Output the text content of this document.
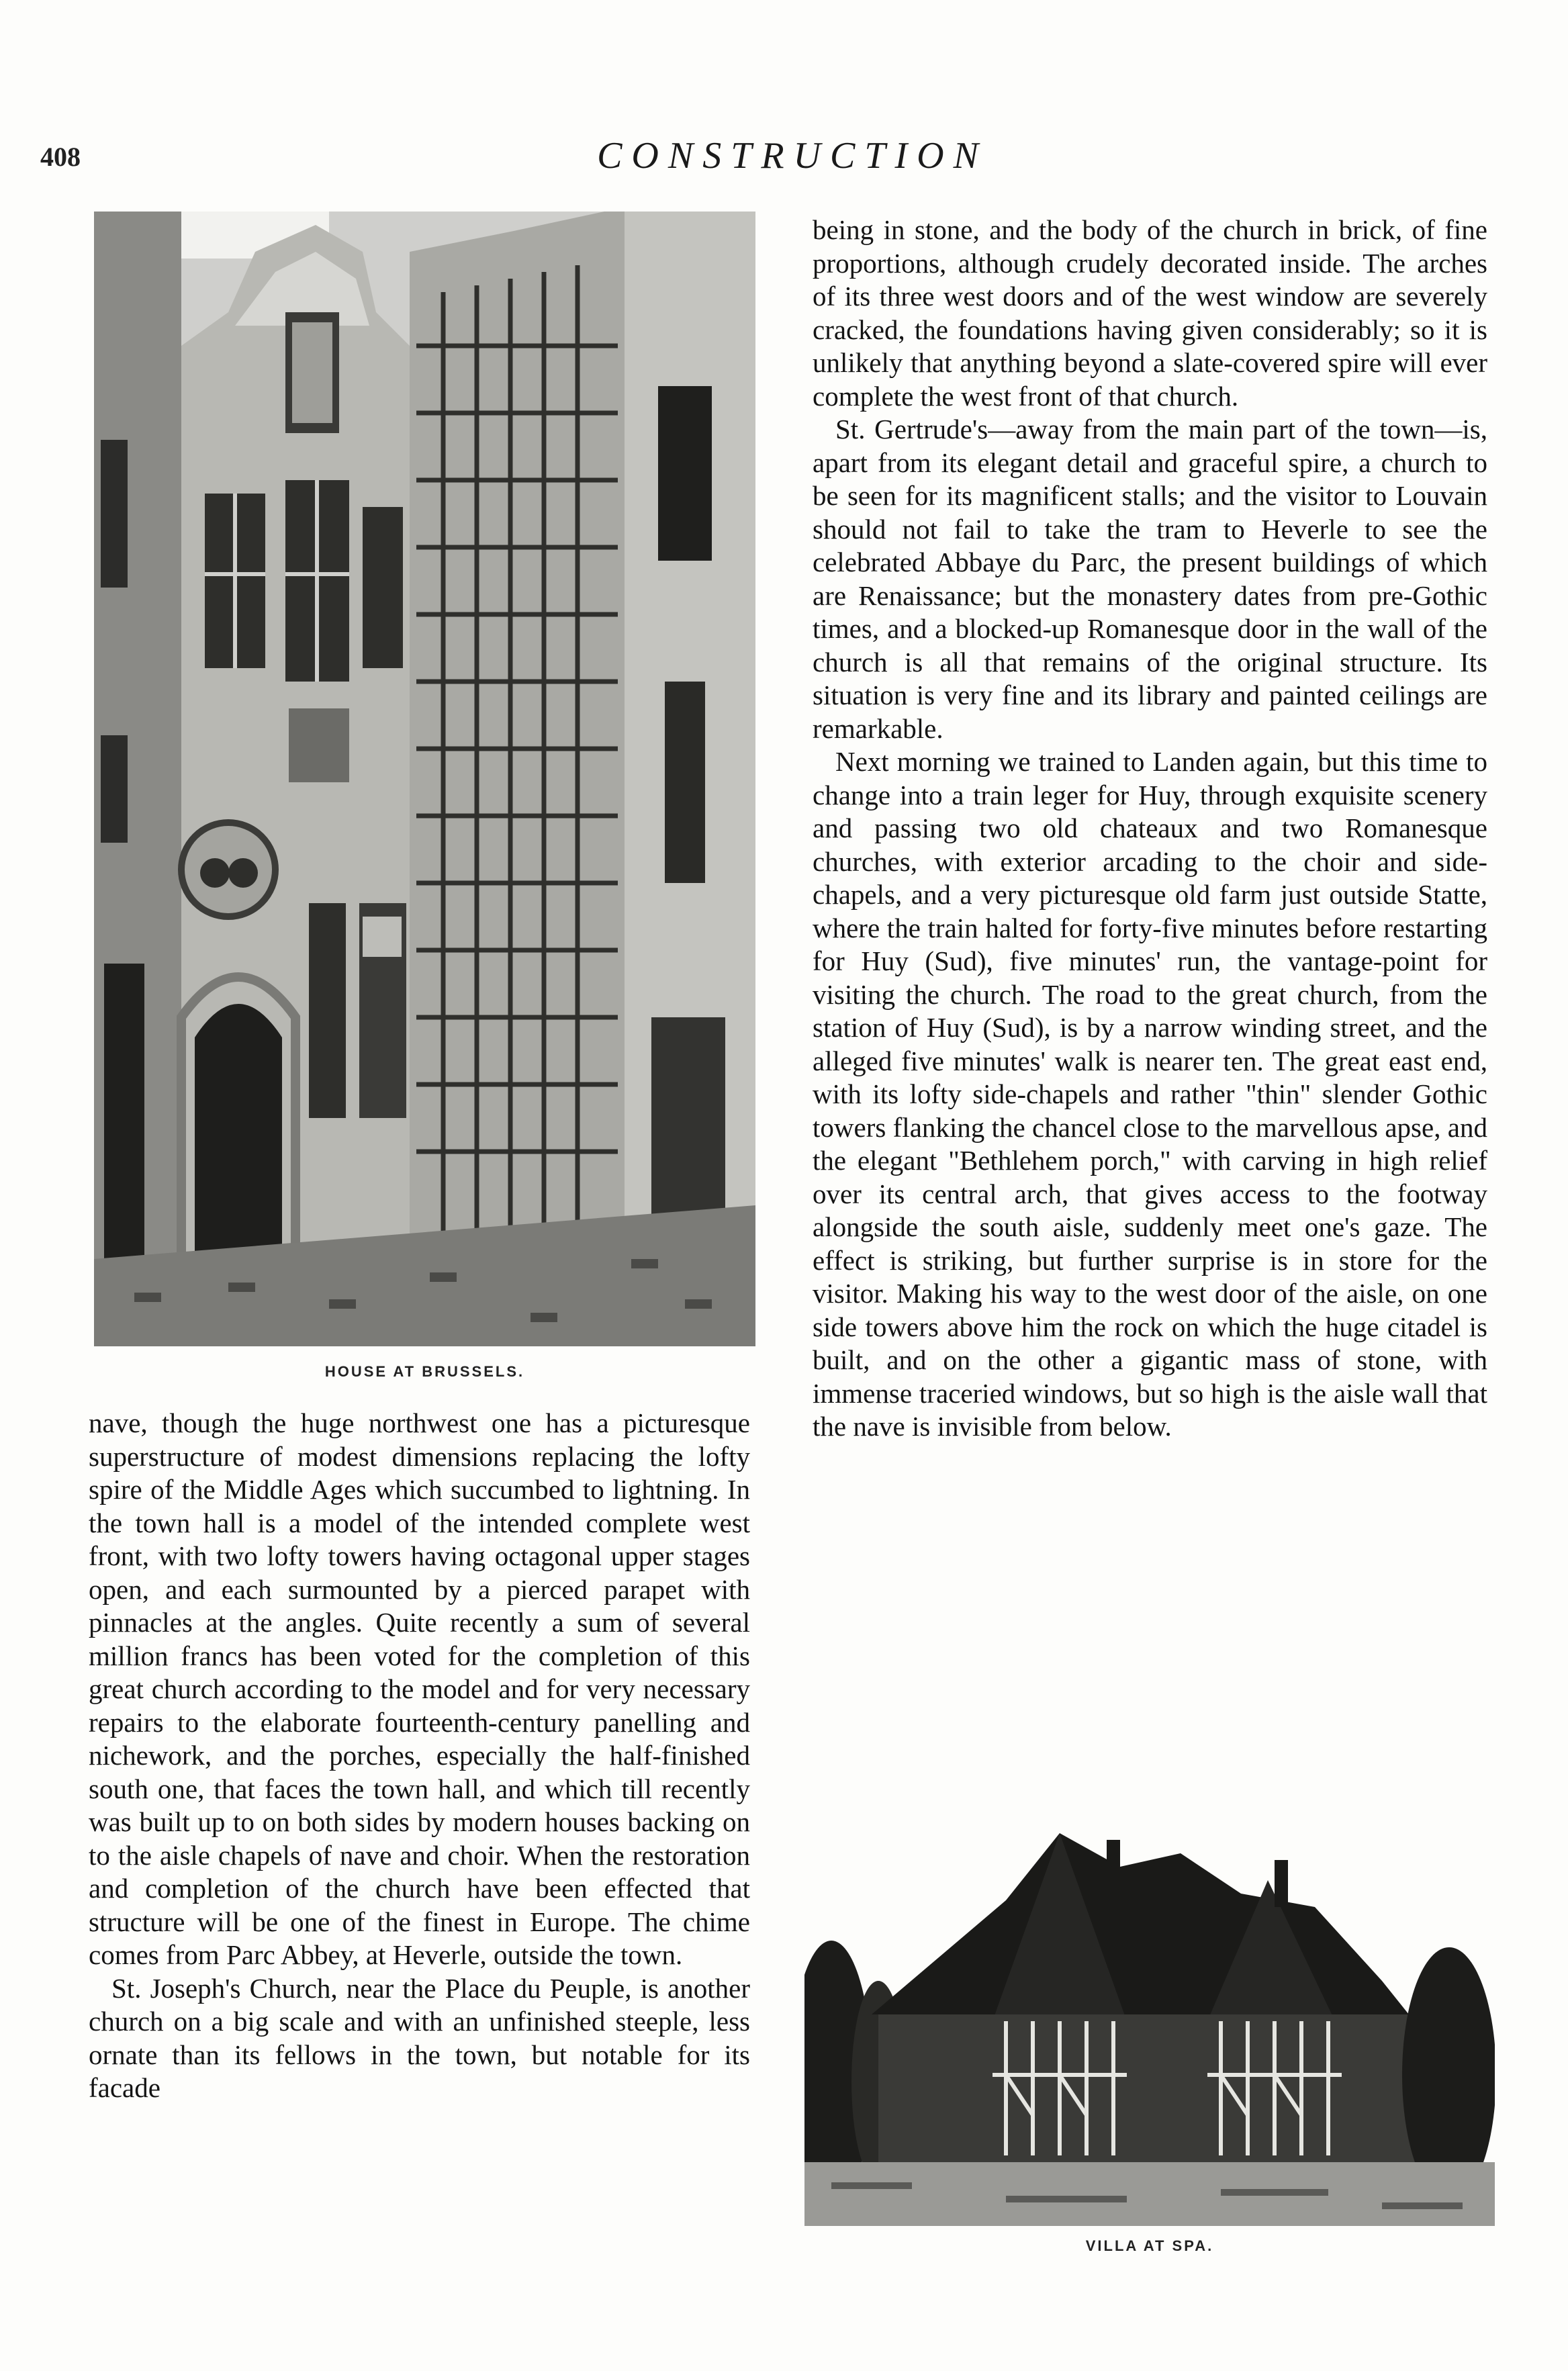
408	CONSTRUCTION
HOUSE AT BRUSSELS.

nave, though the huge northwest one has a picturesque superstructure of modest dimensions replacing the lofty spire of the Middle Ages which succumbed to lightning. In the town hall is a model of the intended complete west front, with two lofty towers having octagonal upper stages open, and each surmounted by a pierced parapet with pinnacles at the angles. Quite recently a sum of several million francs has been voted for the completion of this great church according to the model and for very necessary repairs to the elaborate fourteenth-century panelling and nichework, and the porches, especially the half-finished south one, that faces the town hall, and which till recently was built up to on both sides by modern houses backing on to the aisle chapels of nave and choir. When the restoration and completion of the church have been effected that structure will be one of the finest in Europe. The chime comes from Parc Abbey, at Heverle, outside the town.

St. Joseph's Church, near the Place du Peuple, is another church on a big scale and with an unfinished steeple, less ornate than its fellows in the town, but notable for its facade

being in stone, and the body of the church in brick, of fine proportions, although crudely decorated inside. The arches of its three west doors and of the west window are severely cracked, the foundations having given considerably; so it is unlikely that anything beyond a slate-covered spire will ever complete the west front of that church.

St. Gertrude's—away from the main part of the town—is, apart from its elegant detail and graceful spire, a church to be seen for its magnificent stalls; and the visitor to Louvain should not fail to take the tram to Heverle to see the celebrated Abbaye du Parc, the present buildings of which are Renaissance; but the monastery dates from pre-Gothic times, and a blocked-up Romanesque door in the wall of the church is all that remains of the original structure. Its situation is very fine and its library and painted ceilings are remarkable.

Next morning we trained to Landen again, but this time to change into a train leger for Huy, through exquisite scenery and passing two old chateaux and two Romanesque churches, with exterior arcading to the choir and side-chapels, and a very picturesque old farm just outside Statte, where the train halted for forty-five minutes before restarting for Huy (Sud), five minutes' run, the vantage-point for visiting the church. The road to the great church, from the station of Huy (Sud), is by a narrow winding street, and the alleged five minutes' walk is nearer ten. The great east end, with its lofty side-chapels and rather "thin" slender Gothic towers flanking the chancel close to the marvellous apse, and the elegant "Bethlehem porch," with carving in high relief over its central arch, that gives access to the footway alongside the south aisle, suddenly meet one's gaze. The effect is striking, but further surprise is in store for the visitor. Making his way to the west door of the aisle, on one side towers above him the rock on which the huge citadel is built, and on the other a gigantic mass of stone, with immense traceried windows, but so high is the aisle wall that the nave is invisible from below.

VILLA AT SPA.
